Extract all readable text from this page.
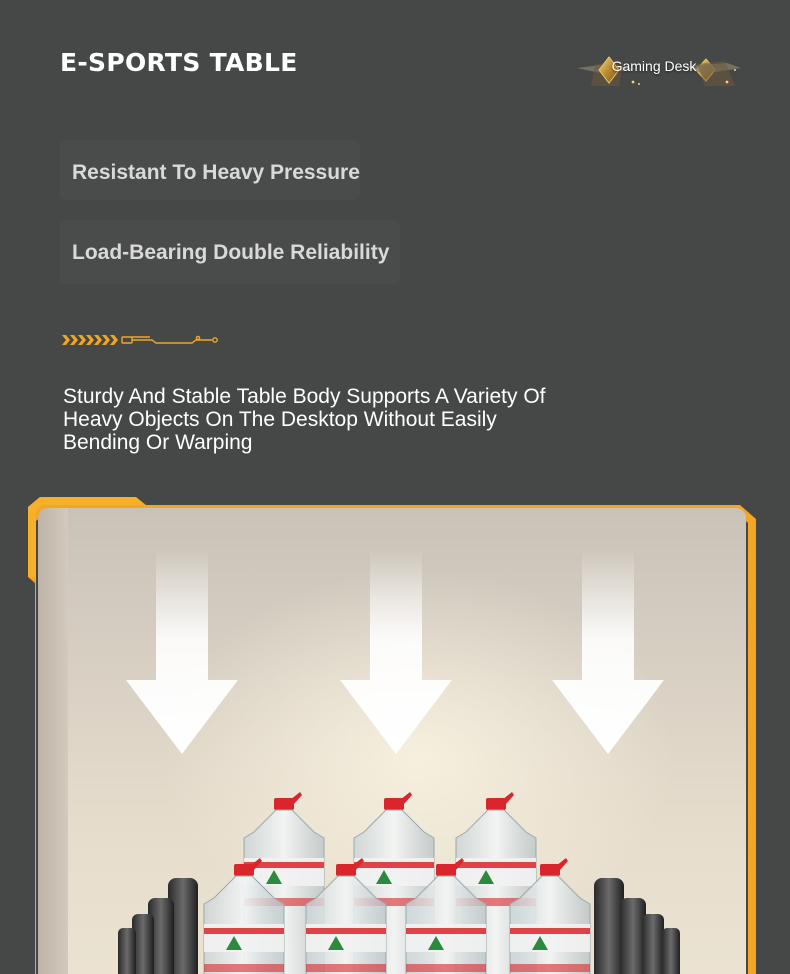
E-SPORTS TABLE	Gaming Desk
Resistant To Heavy Pressure
Load-Bearing Double Reliability
Sturdy And Stable Table Body Supports A Variety Of Heavy Objects On The Desktop Without Easily Bending Or Warping
